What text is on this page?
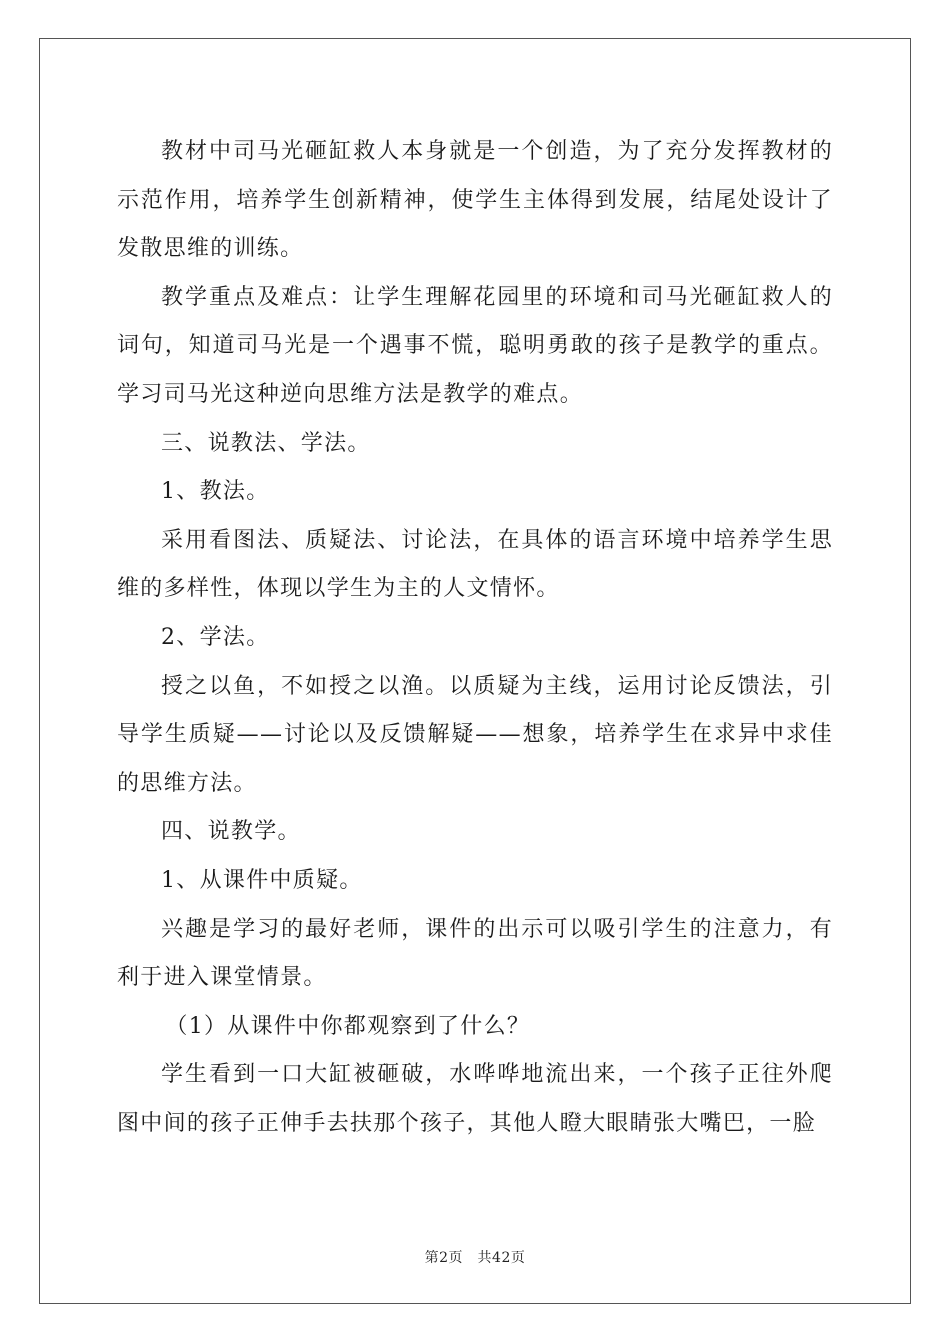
教材中司马光砸缸救人本身就是一个创造，为了充分发挥教材的示范作用，培养学生创新精神，使学生主体得到发展，结尾处设计了发散思维的训练。

教学重点及难点：让学生理解花园里的环境和司马光砸缸救人的词句，知道司马光是一个遇事不慌，聪明勇敢的孩子是教学的重点。学习司马光这种逆向思维方法是教学的难点。

三、说教法、学法。

1、教法。

采用看图法、质疑法、讨论法，在具体的语言环境中培养学生思维的多样性，体现以学生为主的人文情怀。

2、学法。

授之以鱼，不如授之以渔。以质疑为主线，运用讨论反馈法，引导学生质疑——讨论以及反馈解疑——想象，培养学生在求异中求佳的思维方法。

四、说教学。

1、从课件中质疑。

兴趣是学习的最好老师，课件的出示可以吸引学生的注意力，有利于进入课堂情景。

（1）从课件中你都观察到了什么？

学生看到一口大缸被砸破，水哗哗地流出来，一个孩子正往外爬图中间的孩子正伸手去扶那个孩子，其他人瞪大眼睛张大嘴巴，一脸

第2页　共42页
